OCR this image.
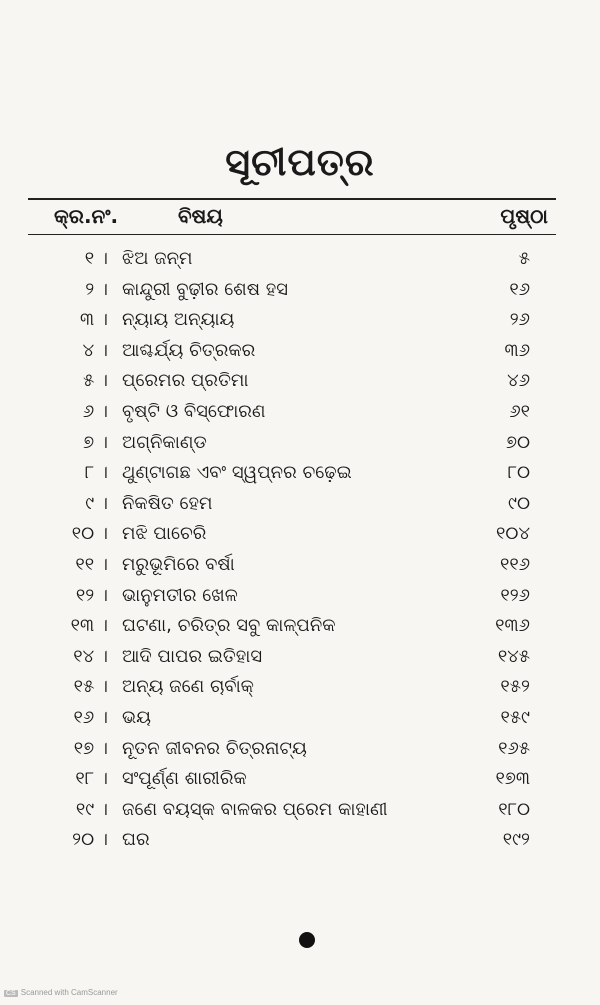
ସୂଚୀପତ୍ର
କ୍ର.ନଂ.	ବିଷୟ	ପୃଷ୍ଠା
୧ । ଝିଅ ଜନ୍ମ	୫
୨ । କାନ୍ଦୁରୀ ବୁଢ଼ୀର ଶେଷ ହସ	୧୬
୩ । ନ୍ୟାୟ ଅନ୍ୟାୟ	୨୬
୪ । ଆଶ୍ଚର୍ଯ୍ୟ ଚିତ୍ରକର	୩୬
୫ । ପ୍ରେମର ପ୍ରତିମା	୪୬
୬ । ବୃଷ୍ଟି ଓ ବିସ୍ଫୋରଣ	୬୧
୭ । ଅଗ୍ନିକାଣ୍ଡ	୭୦
୮ । ଥୁଣ୍ଟାଗଛ ଏବଂ ସ୍ୱପ୍ନର ଚଢ଼େଇ	୮୦
୯ । ନିକଷିତ ହେମ	୯୦
୧୦ । ମଝି ପାଚେରି	୧୦୪
୧୧ । ମରୁଭୂମିରେ ବର୍ଷା	୧୧୬
୧୨ । ଭାନୁମତୀର ଖେଳ	୧୨୬
୧୩ । ଘଟଣା, ଚରିତ୍ର ସବୁ କାଳ୍ପନିକ	୧୩୬
୧୪ । ଆଦି ପାପର ଇତିହାସ	୧୪୫
୧୫ । ଅନ୍ୟ ଜଣେ ଚାର୍ବାକ୍	୧୫୨
୧୬ । ଭୟ	୧୫୯
୧୭ । ନୂତନ ଜୀବନର ଚିତ୍ରନାଟ୍ୟ	୧୬୫
୧୮ । ସଂପୂର୍ଣ୍ଣ ଶାରୀରିକ	୧୭୩
୧୯ । ଜଣେ ବୟସ୍କ ବାଳକର ପ୍ରେମ କାହାଣୀ	୧୮୦
୨୦ । ଘର	୧୯୨
CS Scanned with CamScanner
